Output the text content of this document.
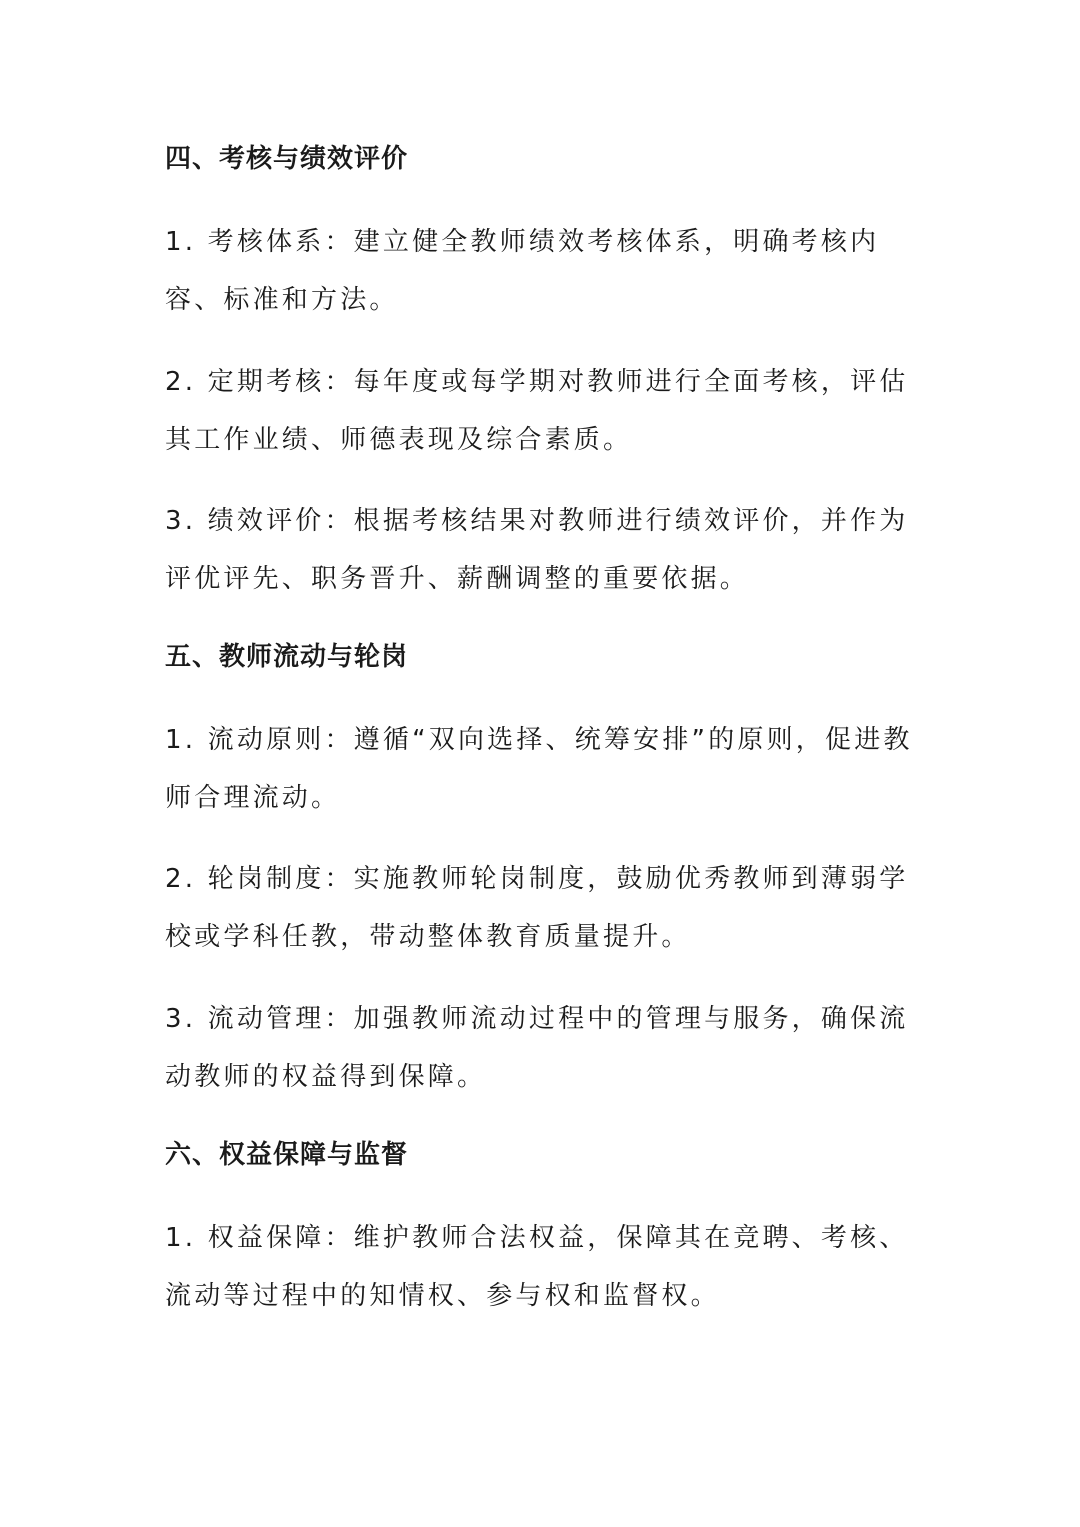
四、考核与绩效评价

1. 考核体系：建立健全教师绩效考核体系，明确考核内容、标准和方法。

2. 定期考核：每年度或每学期对教师进行全面考核，评估其工作业绩、师德表现及综合素质。

3. 绩效评价：根据考核结果对教师进行绩效评价，并作为评优评先、职务晋升、薪酬调整的重要依据。

五、教师流动与轮岗

1. 流动原则：遵循“双向选择、统筹安排”的原则，促进教师合理流动。

2. 轮岗制度：实施教师轮岗制度，鼓励优秀教师到薄弱学校或学科任教，带动整体教育质量提升。

3. 流动管理：加强教师流动过程中的管理与服务，确保流动教师的权益得到保障。

六、权益保障与监督

1. 权益保障：维护教师合法权益，保障其在竞聘、考核、流动等过程中的知情权、参与权和监督权。
